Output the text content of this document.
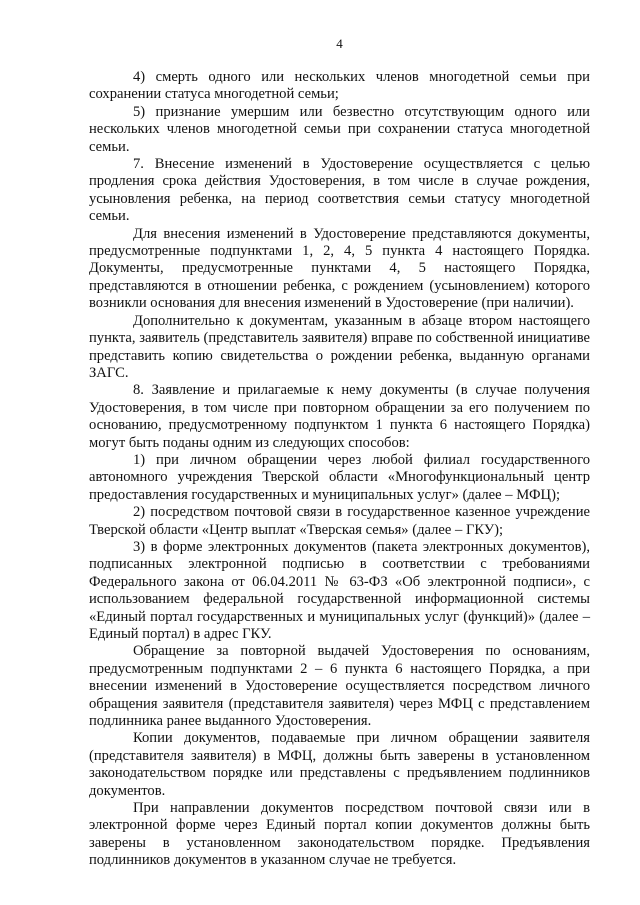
4

4) смерть одного или нескольких членов многодетной семьи при сохранении статуса многодетной семьи;

5) признание умершим или безвестно отсутствующим одного или нескольких членов многодетной семьи при сохранении статуса многодетной семьи.

7. Внесение изменений в Удостоверение осуществляется с целью продления срока действия Удостоверения, в том числе в случае рождения, усыновления ребенка, на период соответствия семьи статусу многодетной семьи.

Для внесения изменений в Удостоверение представляются документы, предусмотренные подпунктами 1, 2, 4, 5 пункта 4 настоящего Порядка. Документы, предусмотренные пунктами 4, 5 настоящего Порядка, представляются в отношении ребенка, с рождением (усыновлением) которого возникли основания для внесения изменений в Удостоверение (при наличии).

Дополнительно к документам, указанным в абзаце втором настоящего пункта, заявитель (представитель заявителя) вправе по собственной инициативе представить копию свидетельства о рождении ребенка, выданную органами ЗАГС.

8. Заявление и прилагаемые к нему документы (в случае получения Удостоверения, в том числе при повторном обращении за его получением по основанию, предусмотренному подпунктом 1 пункта 6 настоящего Порядка) могут быть поданы одним из следующих способов:

1) при личном обращении через любой филиал государственного автономного учреждения Тверской области «Многофункциональный центр предоставления государственных и муниципальных услуг» (далее – МФЦ);

2) посредством почтовой связи в государственное казенное учреждение Тверской области «Центр выплат «Тверская семья» (далее – ГКУ);

3) в форме электронных документов (пакета электронных документов), подписанных электронной подписью в соответствии с требованиями Федерального закона от 06.04.2011 № 63-ФЗ «Об электронной подписи», с использованием федеральной государственной информационной системы «Единый портал государственных и муниципальных услуг (функций)» (далее – Единый портал) в адрес ГКУ.

Обращение за повторной выдачей Удостоверения по основаниям, предусмотренным подпунктами 2 – 6 пункта 6 настоящего Порядка, а при внесении изменений в Удостоверение осуществляется посредством личного обращения заявителя (представителя заявителя) через МФЦ с представлением подлинника ранее выданного Удостоверения.

Копии документов, подаваемые при личном обращении заявителя (представителя заявителя) в МФЦ, должны быть заверены в установленном законодательством порядке или представлены с предъявлением подлинников документов.

При направлении документов посредством почтовой связи или в электронной форме через Единый портал копии документов должны быть заверены в установленном законодательством порядке. Предъявления подлинников документов в указанном случае не требуется.
